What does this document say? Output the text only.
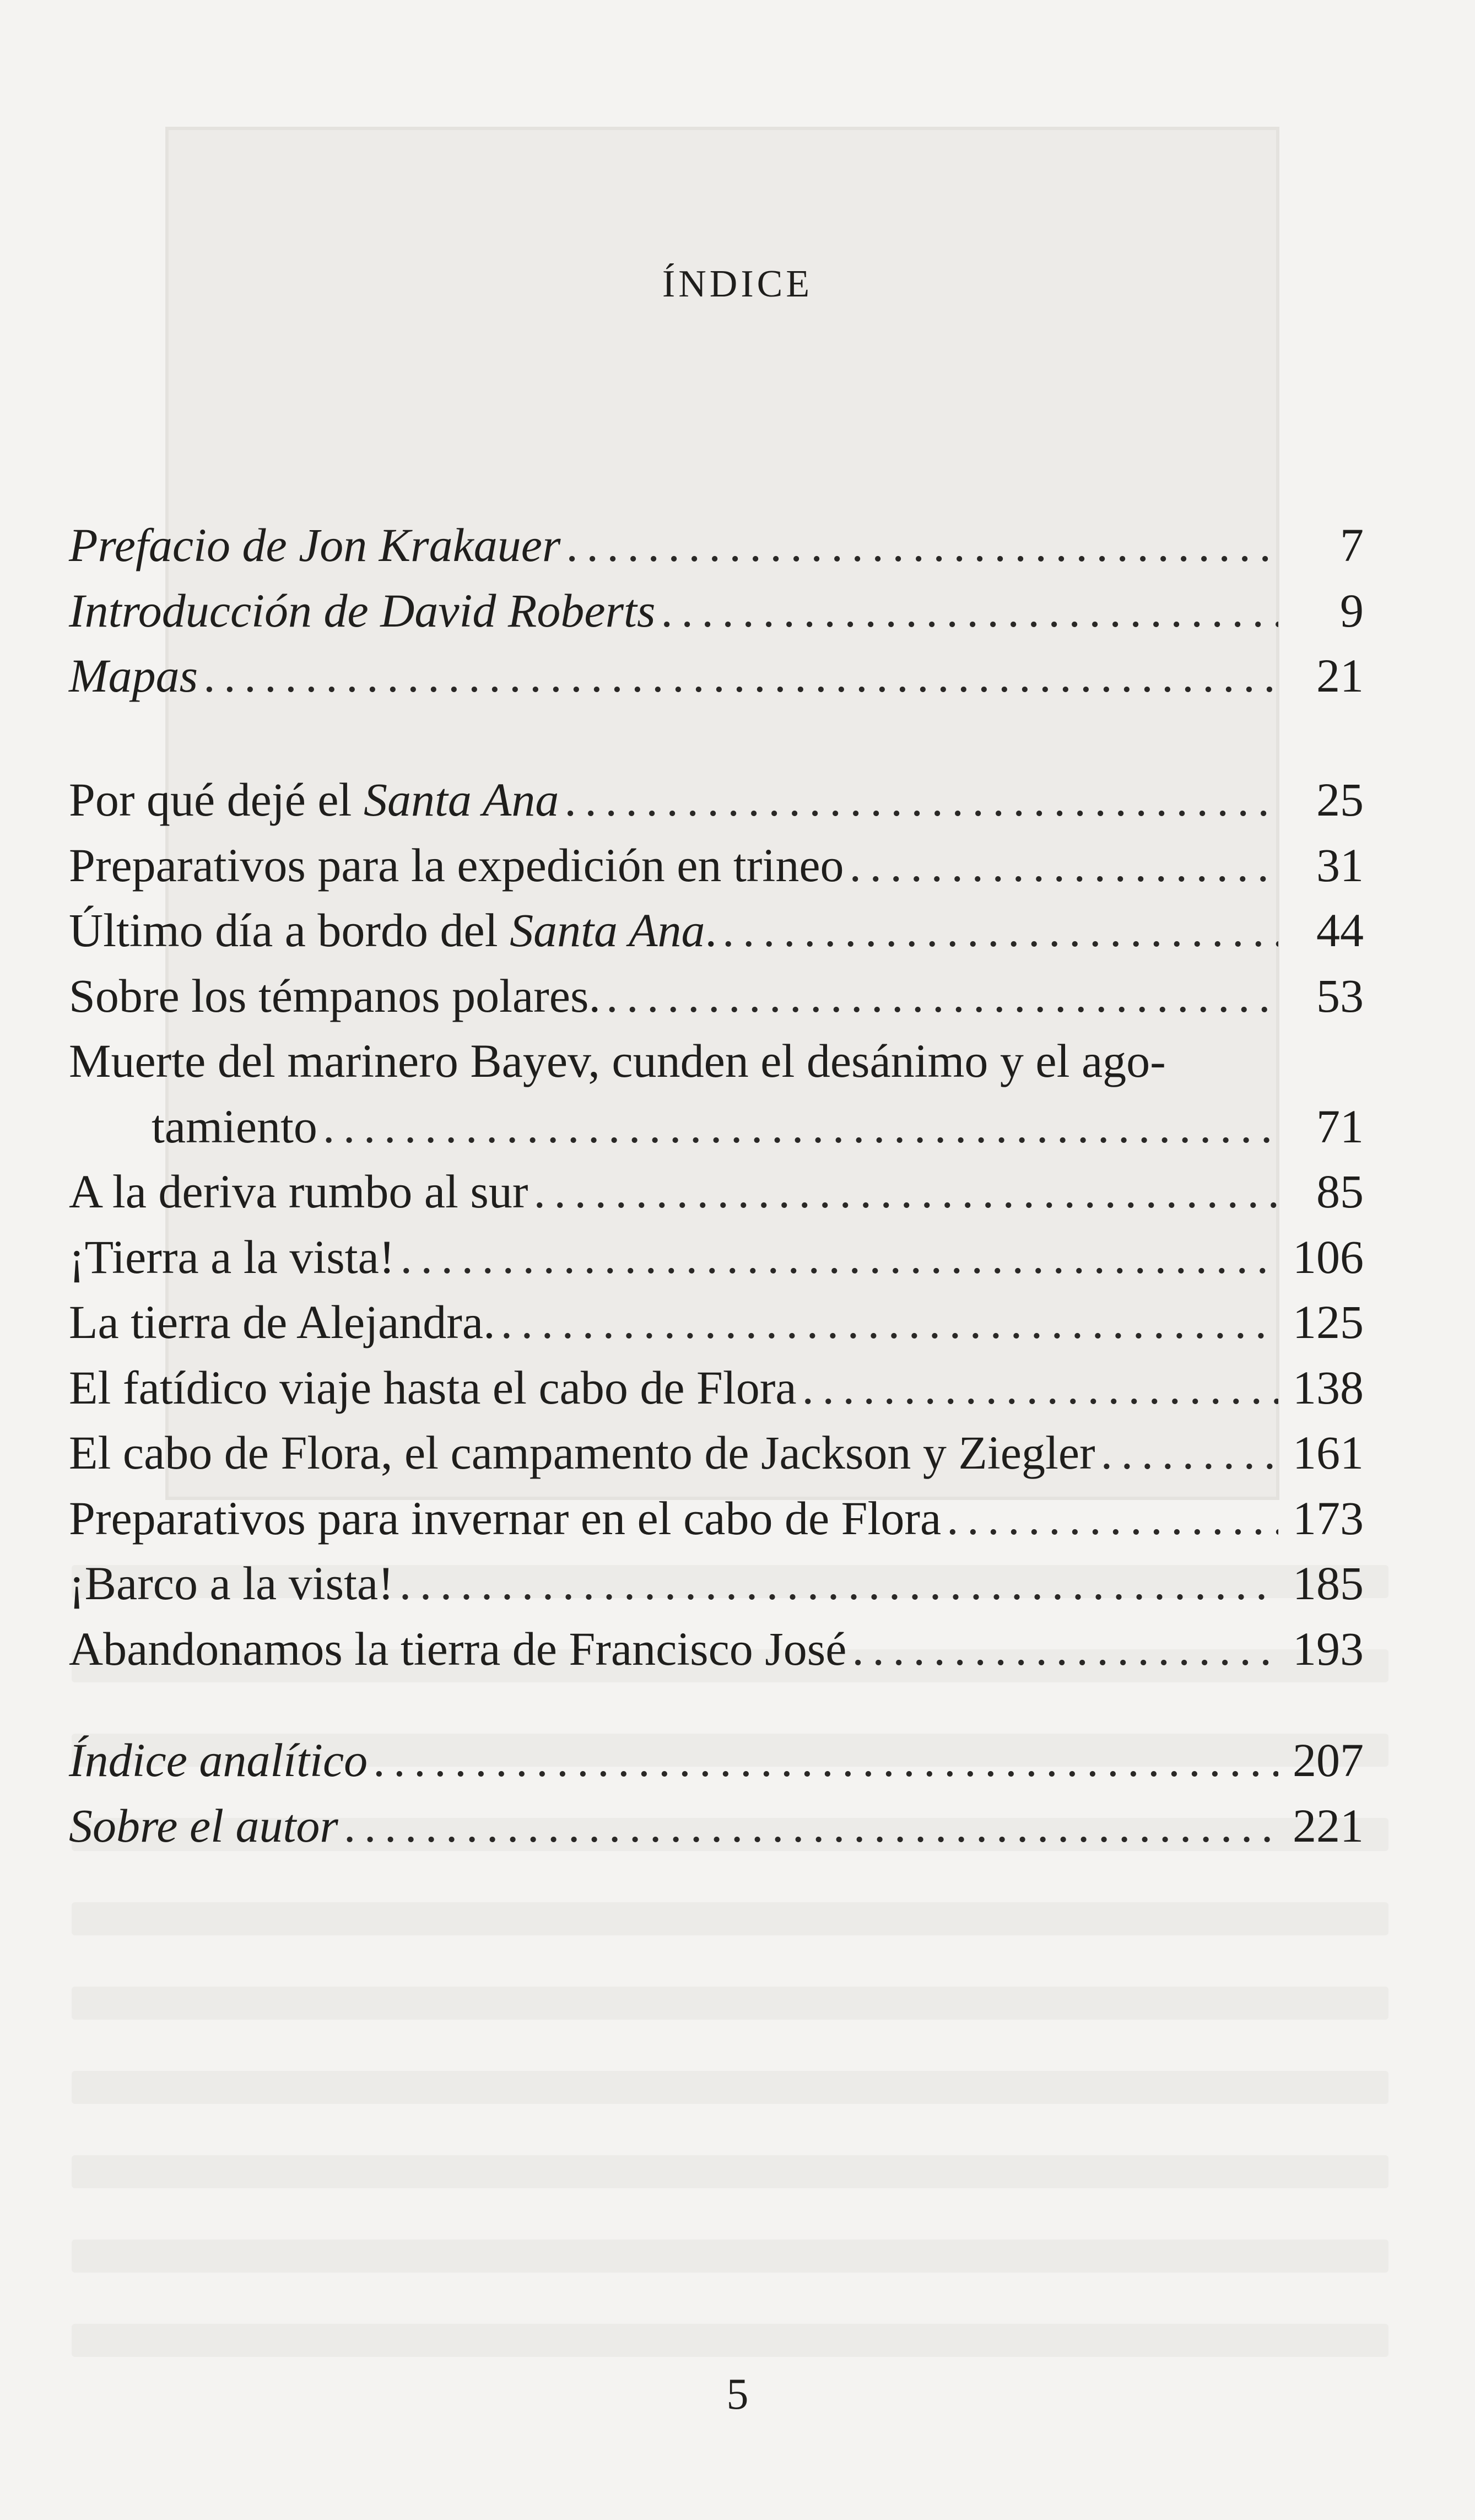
ÍNDICE
Prefacio de Jon Krakauer . . .	7
Introducción de David Roberts . . .	9
Mapas . . .	21
Por qué dejé el Santa Ana . . .	25
Preparativos para la expedición en trineo . . .	31
Último día a bordo del Santa Ana. . . .	44
Sobre los témpanos polares. . . .	53
Muerte del marinero Bayev, cunden el desánimo y el ago-
tamiento . . .	71
A la deriva rumbo al sur . . .	85
¡Tierra a la vista! . . .	106
La tierra de Alejandra. . . .	125
El fatídico viaje hasta el cabo de Flora . . .	138
El cabo de Flora, el campamento de Jackson y Ziegler . . .	161
Preparativos para invernar en el cabo de Flora . . .	173
¡Barco a la vista! . . .	185
Abandonamos la tierra de Francisco José . . .	193
Índice analítico . . .	207
Sobre el autor . . .	221
5
